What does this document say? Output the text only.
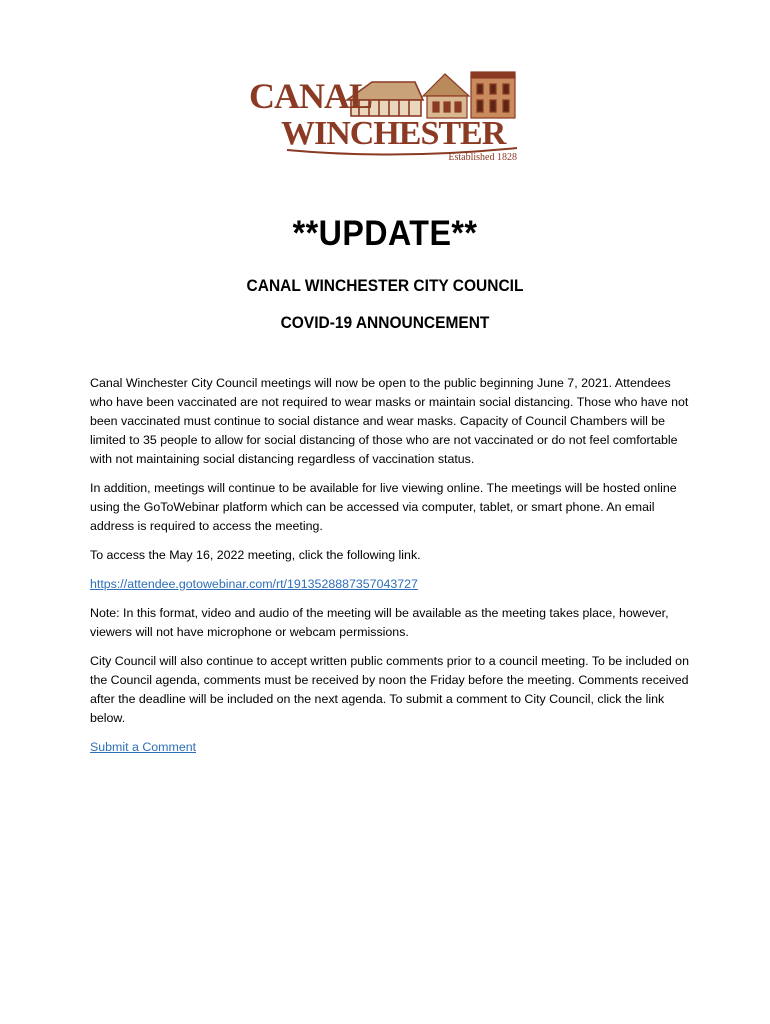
CANAL
WINCHESTER
Established 1828
**UPDATE**
CANAL WINCHESTER CITY COUNCIL
COVID-19 ANNOUNCEMENT

Canal Winchester City Council meetings will now be open to the public beginning June 7, 2021. Attendees who have been vaccinated are not required to wear masks or maintain social distancing. Those who have not been vaccinated must continue to social distance and wear masks. Capacity of Council Chambers will be limited to 35 people to allow for social distancing of those who are not vaccinated or do not feel comfortable with not maintaining social distancing regardless of vaccination status.

In addition, meetings will continue to be available for live viewing online. The meetings will be hosted online using the GoToWebinar platform which can be accessed via computer, tablet, or smart phone. An email address is required to access the meeting.

To access the May 16, 2022 meeting, click the following link.

https://attendee.gotowebinar.com/rt/1913528887357043727

Note: In this format, video and audio of the meeting will be available as the meeting takes place, however, viewers will not have microphone or webcam permissions.

City Council will also continue to accept written public comments prior to a council meeting. To be included on the Council agenda, comments must be received by noon the Friday before the meeting. Comments received after the deadline will be included on the next agenda. To submit a comment to City Council, click the link below.

Submit a Comment
